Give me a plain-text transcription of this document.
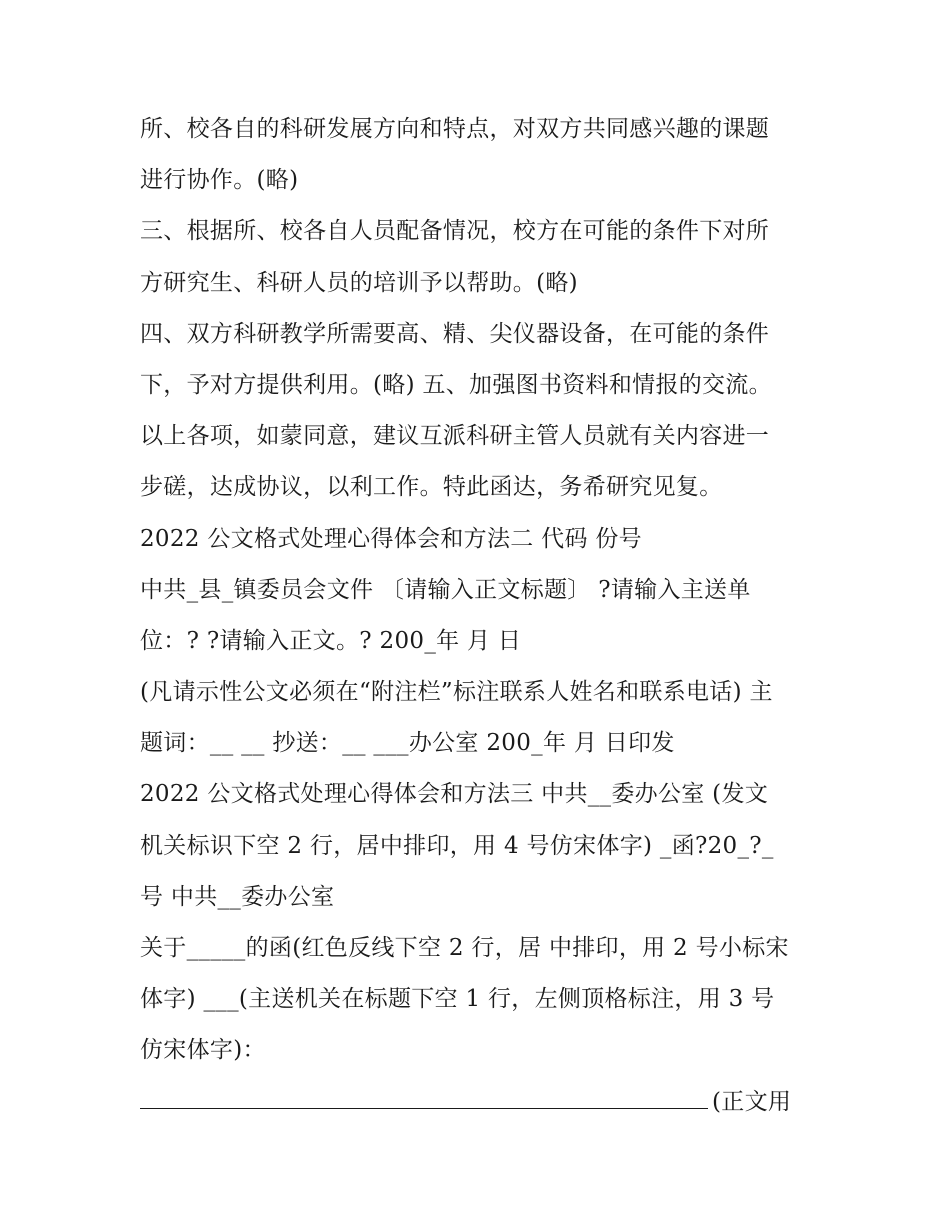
所、校各自的科研发展方向和特点，对双方共同感兴趣的课题
进行协作。(略)
三、根据所、校各自人员配备情况，校方在可能的条件下对所
方研究生、科研人员的培训予以帮助。(略)
四、双方科研教学所需要高、精、尖仪器设备，在可能的条件
下，予对方提供利用。(略) 五、加强图书资料和情报的交流。
以上各项，如蒙同意，建议互派科研主管人员就有关内容进一
步磋，达成协议，以利工作。特此函达，务希研究见复。
2022 公文格式处理心得体会和方法二 代码 份号
中共_县_镇委员会文件 〔请输入正文标题〕 ?请输入主送单
位：? ?请输入正文。? 200_年 月 日
(凡请示性公文必须在“附注栏”标注联系人姓名和联系电话) 主
题词：__ __ 抄送：__ ___办公室 200_年 月 日印发
2022 公文格式处理心得体会和方法三 中共__委办公室 (发文
机关标识下空 2 行，居中排印，用 4 号仿宋体字) _函?20_?_
号 中共__委办公室
关于_____的函(红色反线下空 2 行，居 中排印，用 2 号小标宋
体字) ___(主送机关在标题下空 1 行，左侧顶格标注，用 3 号
仿宋体字)：
(正文用
